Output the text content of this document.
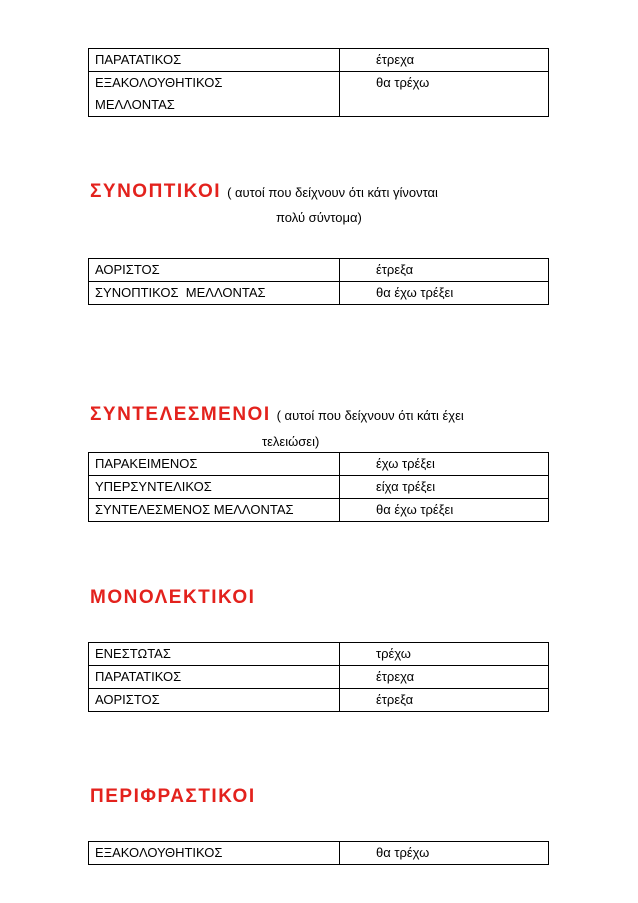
ΠΑΡΑΤΑΤΙΚΟΣ	έτρεχα

ΕΞΑΚΟΛΟΥΘΗΤΙΚΟΣ
ΜΕΛΛΟΝΤΑΣ	θα τρέχω
ΣΥΝΟΠΤΙΚΟΙ ( αυτοί που δείχνουν ότι κάτι γίνονται
πολύ σύντομα)
ΑΟΡΙΣΤΟΣ	έτρεξα
ΣΥΝΟΠΤΙΚΟΣ  ΜΕΛΛΟΝΤΑΣ	θα έχω τρέξει
ΣΥΝΤΕΛΕΣΜΕΝΟΙ ( αυτοί που δείχνουν ότι κάτι έχει
τελειώσει)
ΠΑΡΑΚΕΙΜΕΝΟΣ	έχω τρέξει
ΥΠΕΡΣΥΝΤΕΛΙΚΟΣ	είχα τρέξει
ΣΥΝΤΕΛΕΣΜΕΝΟΣ ΜΕΛΛΟΝΤΑΣ	θα έχω τρέξει
ΜΟΝΟΛΕΚΤΙΚΟΙ
ΕΝΕΣΤΩΤΑΣ	τρέχω
ΠΑΡΑΤΑΤΙΚΟΣ	έτρεχα
ΑΟΡΙΣΤΟΣ	έτρεξα
ΠΕΡΙΦΡΑΣΤΙΚΟΙ
ΕΞΑΚΟΛΟΥΘΗΤΙΚΟΣ	θα τρέχω
